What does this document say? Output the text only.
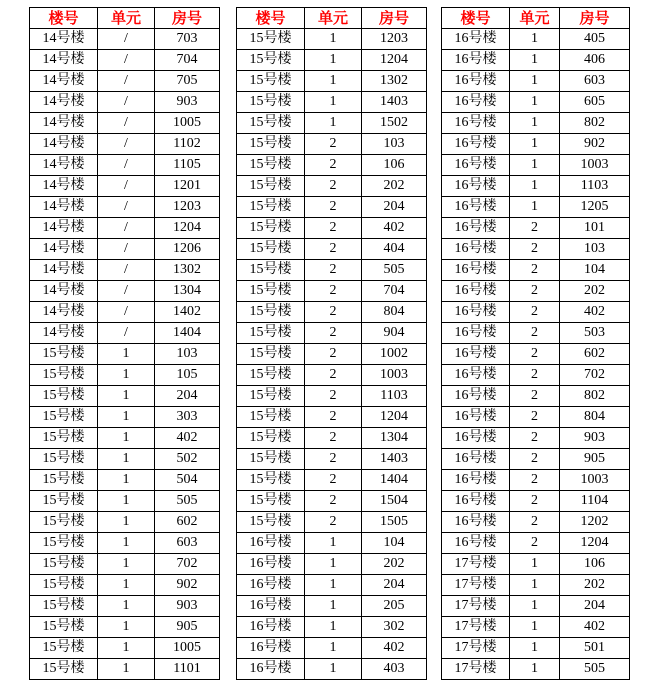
楼号	单元	房号
14号楼	/	703
14号楼	/	704
14号楼	/	705
14号楼	/	903
14号楼	/	1005
14号楼	/	1102
14号楼	/	1105
14号楼	/	1201
14号楼	/	1203
14号楼	/	1204
14号楼	/	1206
14号楼	/	1302
14号楼	/	1304
14号楼	/	1402
14号楼	/	1404
15号楼	1	103
15号楼	1	105
15号楼	1	204
15号楼	1	303
15号楼	1	402
15号楼	1	502
15号楼	1	504
15号楼	1	505
15号楼	1	602
15号楼	1	603
15号楼	1	702
15号楼	1	902
15号楼	1	903
15号楼	1	905
15号楼	1	1005
15号楼	1	1101
楼号	单元	房号
15号楼	1	1203
15号楼	1	1204
15号楼	1	1302
15号楼	1	1403
15号楼	1	1502
15号楼	2	103
15号楼	2	106
15号楼	2	202
15号楼	2	204
15号楼	2	402
15号楼	2	404
15号楼	2	505
15号楼	2	704
15号楼	2	804
15号楼	2	904
15号楼	2	1002
15号楼	2	1003
15号楼	2	1103
15号楼	2	1204
15号楼	2	1304
15号楼	2	1403
15号楼	2	1404
15号楼	2	1504
15号楼	2	1505
16号楼	1	104
16号楼	1	202
16号楼	1	204
16号楼	1	205
16号楼	1	302
16号楼	1	402
16号楼	1	403
楼号	单元	房号
16号楼	1	405
16号楼	1	406
16号楼	1	603
16号楼	1	605
16号楼	1	802
16号楼	1	902
16号楼	1	1003
16号楼	1	1103
16号楼	1	1205
16号楼	2	101
16号楼	2	103
16号楼	2	104
16号楼	2	202
16号楼	2	402
16号楼	2	503
16号楼	2	602
16号楼	2	702
16号楼	2	802
16号楼	2	804
16号楼	2	903
16号楼	2	905
16号楼	2	1003
16号楼	2	1104
16号楼	2	1202
16号楼	2	1204
17号楼	1	106
17号楼	1	202
17号楼	1	204
17号楼	1	402
17号楼	1	501
17号楼	1	505
